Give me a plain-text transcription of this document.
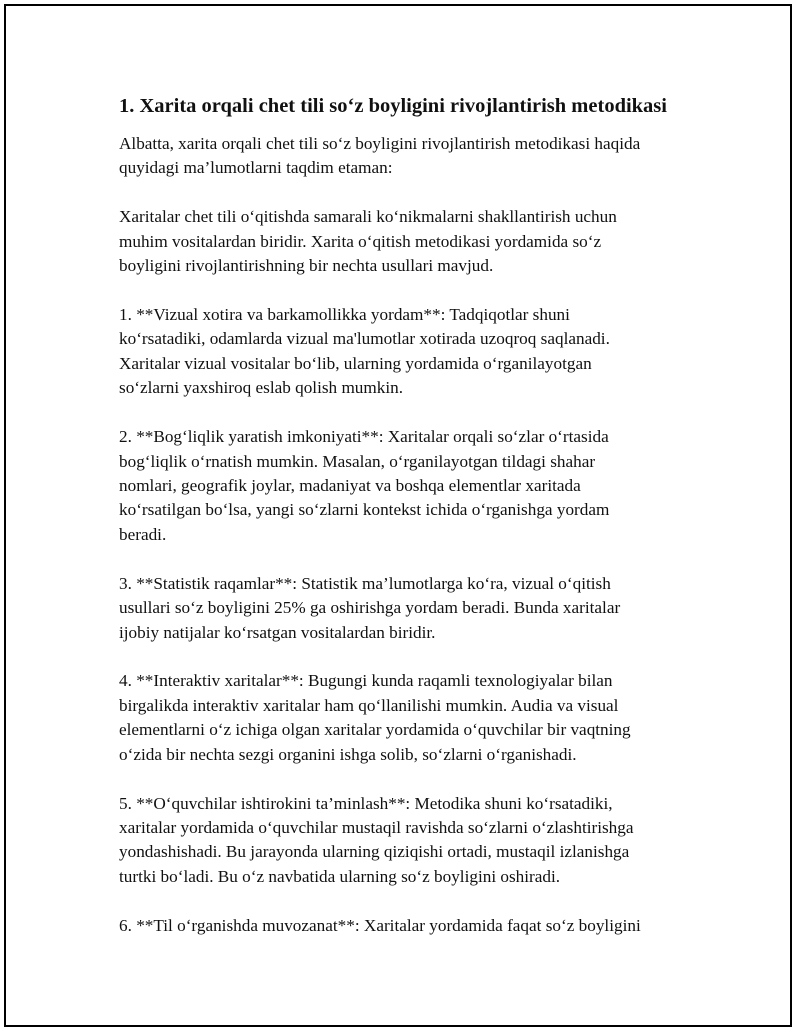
1. Xarita orqali chet tili so‘z boyligini rivojlantirish metodikasi

Albatta, xarita orqali chet tili so‘z boyligini rivojlantirish metodikasi haqida
quyidagi ma’lumotlarni taqdim etaman:

Xaritalar chet tili o‘qitishda samarali ko‘nikmalarni shakllantirish uchun
muhim vositalardan biridir. Xarita o‘qitish metodikasi yordamida so‘z
boyligini rivojlantirishning bir nechta usullari mavjud.

1. **Vizual xotira va barkamollikka yordam**: Tadqiqotlar shuni
ko‘rsatadiki, odamlarda vizual ma'lumotlar xotirada uzoqroq saqlanadi.
Xaritalar vizual vositalar bo‘lib, ularning yordamida o‘rganilayotgan
so‘zlarni yaxshiroq eslab qolish mumkin.

2. **Bog‘liqlik yaratish imkoniyati**: Xaritalar orqali so‘zlar o‘rtasida
bog‘liqlik o‘rnatish mumkin. Masalan, o‘rganilayotgan tildagi shahar
nomlari, geografik joylar, madaniyat va boshqa elementlar xaritada
ko‘rsatilgan bo‘lsa, yangi so‘zlarni kontekst ichida o‘rganishga yordam
beradi.

3. **Statistik raqamlar**: Statistik ma’lumotlarga ko‘ra, vizual o‘qitish
usullari so‘z boyligini 25% ga oshirishga yordam beradi. Bunda xaritalar
ijobiy natijalar ko‘rsatgan vositalardan biridir.

4. **Interaktiv xaritalar**: Bugungi kunda raqamli texnologiyalar bilan
birgalikda interaktiv xaritalar ham qo‘llanilishi mumkin. Audia va visual
elementlarni o‘z ichiga olgan xaritalar yordamida o‘quvchilar bir vaqtning
o‘zida bir nechta sezgi organini ishga solib, so‘zlarni o‘rganishadi.

5. **O‘quvchilar ishtirokini ta’minlash**: Metodika shuni ko‘rsatadiki,
xaritalar yordamida o‘quvchilar mustaqil ravishda so‘zlarni o‘zlashtirishga
yondashishadi. Bu jarayonda ularning qiziqishi ortadi, mustaqil izlanishga
turtki bo‘ladi. Bu o‘z navbatida ularning so‘z boyligini oshiradi.

6. **Til o‘rganishda muvozanat**: Xaritalar yordamida faqat so‘z boyligini
